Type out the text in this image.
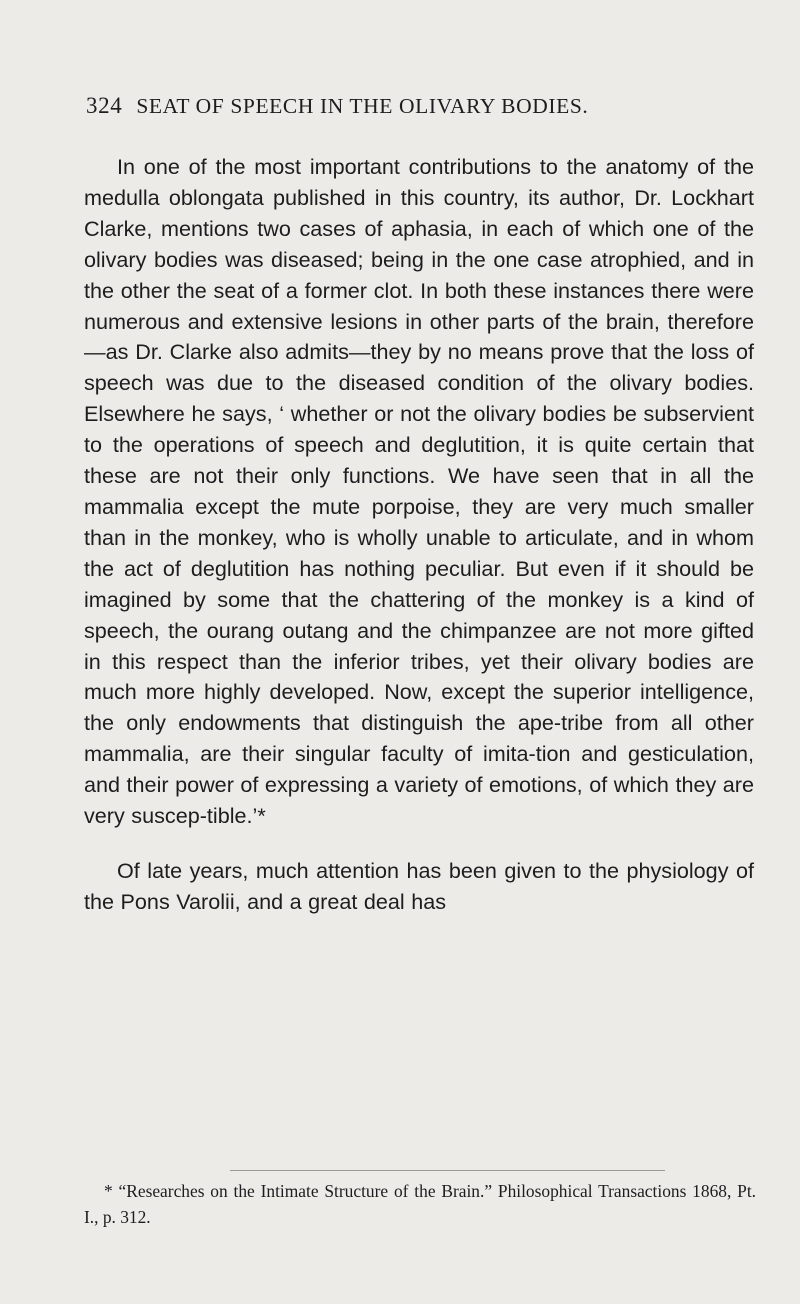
324 SEAT OF SPEECH IN THE OLIVARY BODIES.

In one of the most important contributions to the anatomy of the medulla oblongata published in this country, its author, Dr. Lockhart Clarke, mentions two cases of aphasia, in each of which one of the olivary bodies was diseased; being in the one case atrophied, and in the other the seat of a former clot. In both these instances there were numerous and extensive lesions in other parts of the brain, therefore—as Dr. Clarke also admits—they by no means prove that the loss of speech was due to the diseased condition of the olivary bodies. Elsewhere he says, ‘ whether or not the olivary bodies be subservient to the operations of speech and deglutition, it is quite certain that these are not their only functions. We have seen that in all the mammalia except the mute porpoise, they are very much smaller than in the monkey, who is wholly unable to articulate, and in whom the act of deglutition has nothing peculiar. But even if it should be imagined by some that the chattering of the monkey is a kind of speech, the ourang outang and the chimpanzee are not more gifted in this respect than the inferior tribes, yet their olivary bodies are much more highly developed. Now, except the superior intelligence, the only endowments that distinguish the ape-tribe from all other mammalia, are their singular faculty of imita-tion and gesticulation, and their power of expressing a variety of emotions, of which they are very suscep-tible.’*

Of late years, much attention has been given to the physiology of the Pons Varolii, and a great deal has

* “Researches on the Intimate Structure of the Brain.” Philosophical Transactions 1868, Pt. I., p. 312.
